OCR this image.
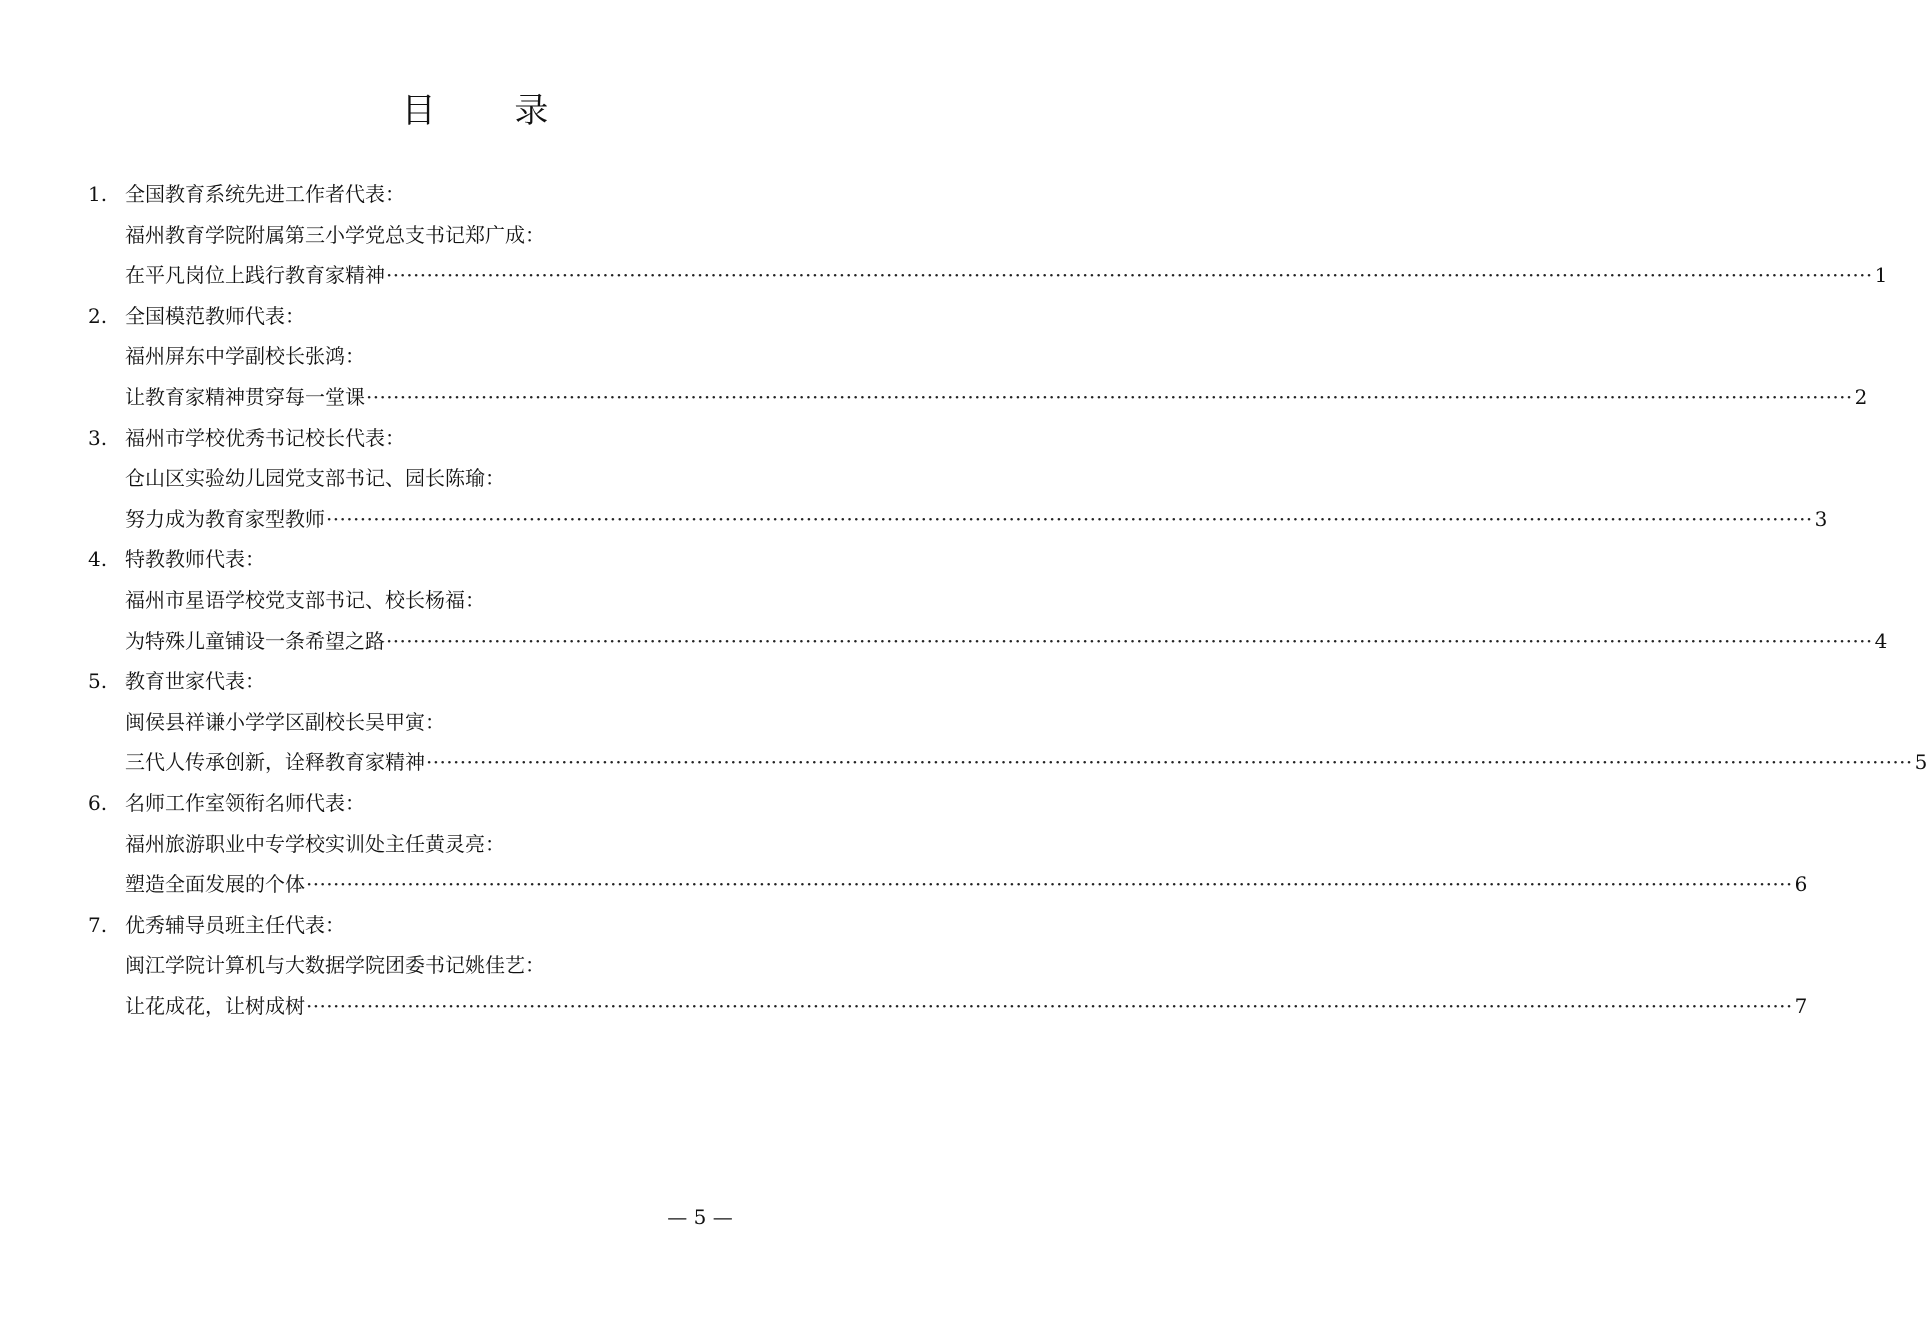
目 录
1. 全国教育系统先进工作者代表：
福州教育学院附属第三小学党总支书记郑广成：
在平凡岗位上践行教育家精神 ···························································································································································································································· 1
2. 全国模范教师代表：
福州屏东中学副校长张鸿：
让教育家精神贯穿每一堂课 ···························································································································································································································· 2
3. 福州市学校优秀书记校长代表：
仓山区实验幼儿园党支部书记、园长陈瑜：
努力成为教育家型教师 ···························································································································································································································· 3
4. 特教教师代表：
福州市星语学校党支部书记、校长杨福：
为特殊儿童铺设一条希望之路 ···························································································································································································································· 4
5. 教育世家代表：
闽侯县祥谦小学学区副校长吴甲寅：
三代人传承创新，诠释教育家精神 ···························································································································································································································· 5
6. 名师工作室领衔名师代表：
福州旅游职业中专学校实训处主任黄灵亮：
塑造全面发展的个体 ···························································································································································································································· 6
7. 优秀辅导员班主任代表：
闽江学院计算机与大数据学院团委书记姚佳艺：
让花成花，让树成树 ···························································································································································································································· 7
— 5 —
